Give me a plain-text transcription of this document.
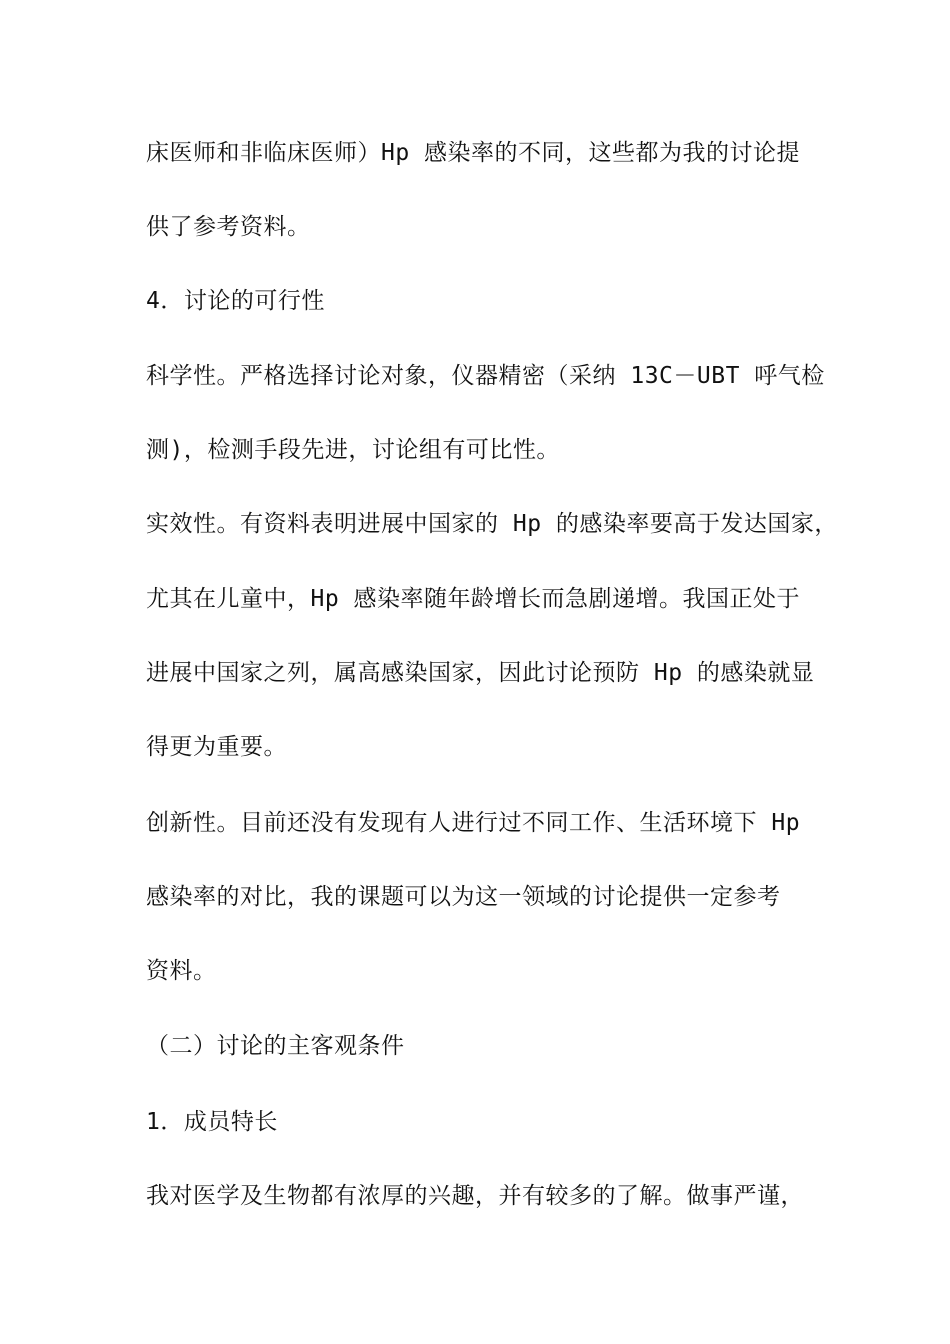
床医师和非临床医师）Hp 感染率的不同，这些都为我的讨论提
供了参考资料。
4．讨论的可行性
科学性。严格选择讨论对象，仪器精密（采纳 13C－UBT 呼气检
测)，检测手段先进，讨论组有可比性。
实效性。有资料表明进展中国家的 Hp 的感染率要高于发达国家，
尤其在儿童中，Hp 感染率随年龄增长而急剧递增。我国正处于
进展中国家之列，属高感染国家，因此讨论预防 Hp 的感染就显
得更为重要。
创新性。目前还没有发现有人进行过不同工作、生活环境下 Hp
感染率的对比，我的课题可以为这一领域的讨论提供一定参考
资料。
（二）讨论的主客观条件
1．成员特长
我对医学及生物都有浓厚的兴趣，并有较多的了解。做事严谨，
